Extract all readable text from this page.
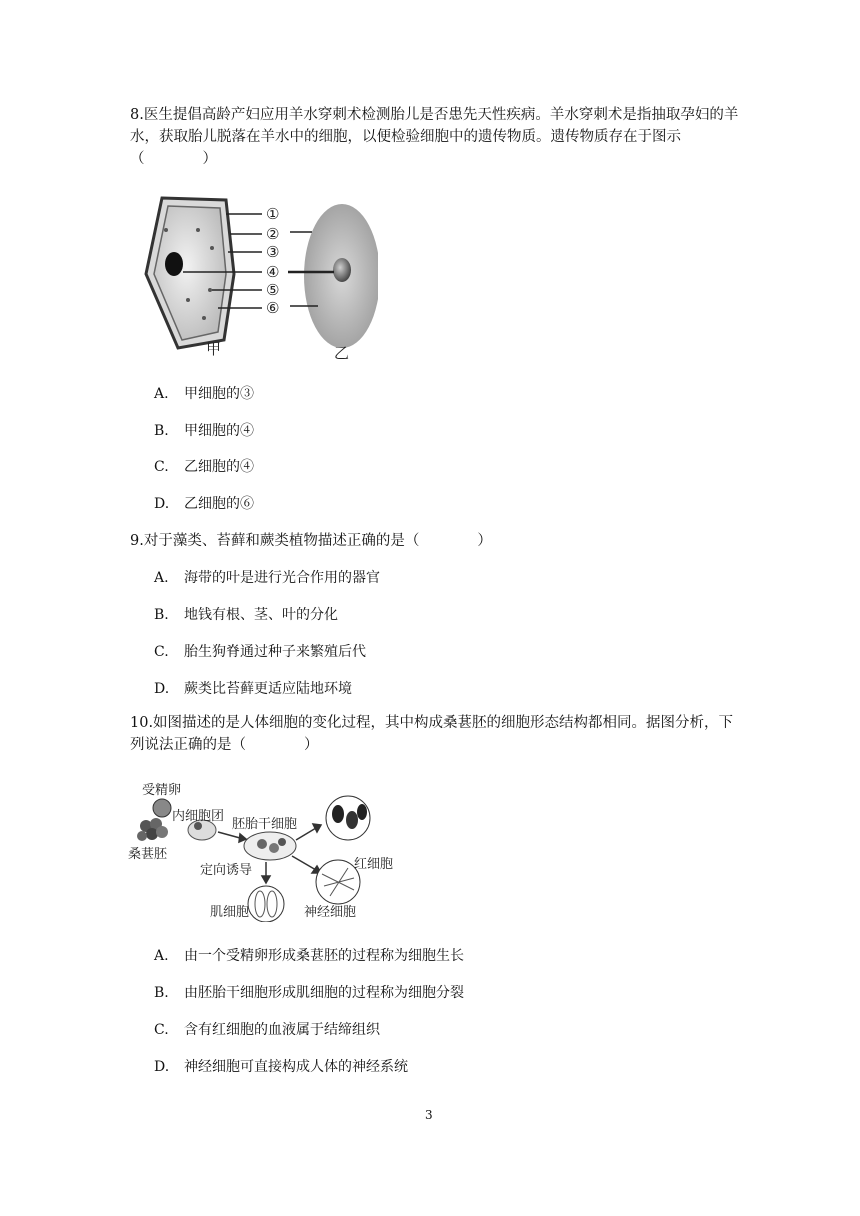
8.医生提倡高龄产妇应用羊水穿刺术检测胎儿是否患先天性疾病。羊水穿刺术是指抽取孕妇的羊水，获取胎儿脱落在羊水中的细胞，以便检验细胞中的遗传物质。遗传物质存在于图示（　　　　）
①
②
③
④
⑤
⑥
甲	乙
A. 甲细胞的③
B. 甲细胞的④
C. 乙细胞的④
D. 乙细胞的⑥
9.对于藻类、苔藓和蕨类植物描述正确的是（　　　　）
A. 海带的叶是进行光合作用的器官
B. 地钱有根、茎、叶的分化
C. 胎生狗脊通过种子来繁殖后代
D. 蕨类比苔藓更适应陆地环境
10.如图描述的是人体细胞的变化过程，其中构成桑葚胚的细胞形态结构都相同。据图分析，下列说法正确的是（　　　　）
受精卵
内细胞团
胚胎干细胞
桑葚胚
定向诱导	红细胞
肌细胞	神经细胞
A. 由一个受精卵形成桑葚胚的过程称为细胞生长
B. 由胚胎干细胞形成肌细胞的过程称为细胞分裂
C. 含有红细胞的血液属于结缔组织
D. 神经细胞可直接构成人体的神经系统
3
